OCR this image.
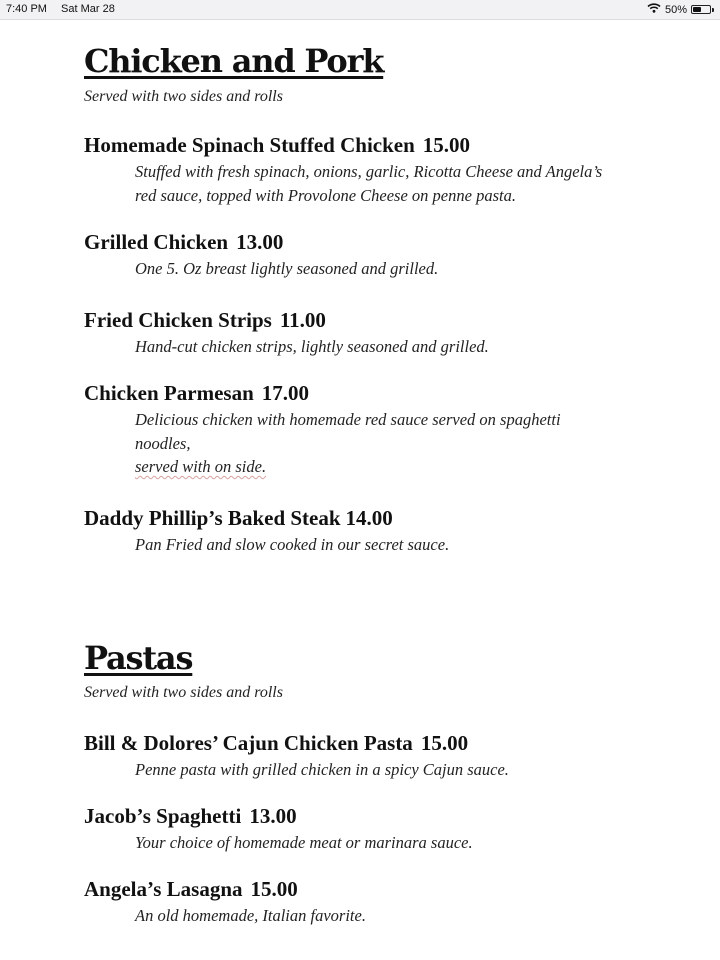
7:40 PM Sat Mar 28	50%
Chicken and Pork
Served with two sides and rolls
Homemade Spinach Stuffed Chicken 15.00
Stuffed with fresh spinach, onions, garlic, Ricotta Cheese and Angela’s
red sauce, topped with Provolone Cheese on penne pasta.
Grilled Chicken 13.00
One 5. Oz breast lightly seasoned and grilled.
Fried Chicken Strips 11.00
Hand-cut chicken strips, lightly seasoned and grilled.
Chicken Parmesan 17.00
Delicious chicken with homemade red sauce served on spaghetti
noodles,
served with on side.
Daddy Phillip’s Baked Steak 14.00
Pan Fried and slow cooked in our secret sauce.
Pastas
Served with two sides and rolls
Bill & Dolores’ Cajun Chicken Pasta 15.00
Penne pasta with grilled chicken in a spicy Cajun sauce.
Jacob’s Spaghetti 13.00
Your choice of homemade meat or marinara sauce.
Angela’s Lasagna 15.00
An old homemade, Italian favorite.
